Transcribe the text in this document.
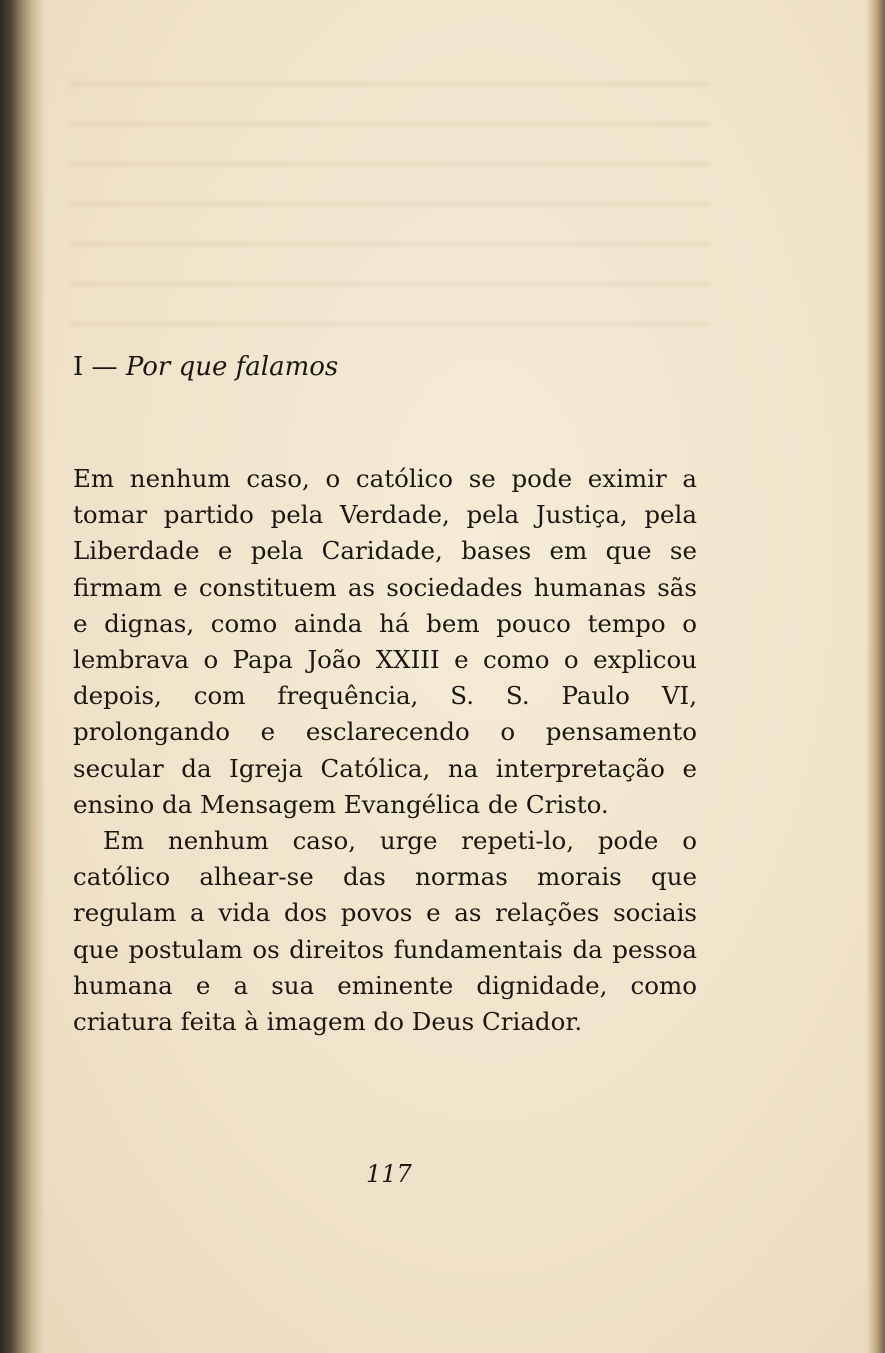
I — Por que falamos

Em nenhum caso, o católico se pode eximir a tomar partido pela Verdade, pela Justiça, pela Liberdade e pela Caridade, bases em que se firmam e constituem as sociedades humanas sãs e dignas, como ainda há bem pouco tempo o lembrava o Papa João XXIII e como o explicou depois, com frequência, S. S. Paulo VI, prolongando e esclarecendo o pensamento secular da Igreja Católica, na interpretação e ensino da Mensagem Evangélica de Cristo.

Em nenhum caso, urge repeti-lo, pode o católico alhear-se das normas morais que regulam a vida dos povos e as relações sociais que postulam os direitos fundamentais da pessoa humana e a sua eminente dignidade, como criatura feita à imagem do Deus Criador.

117
